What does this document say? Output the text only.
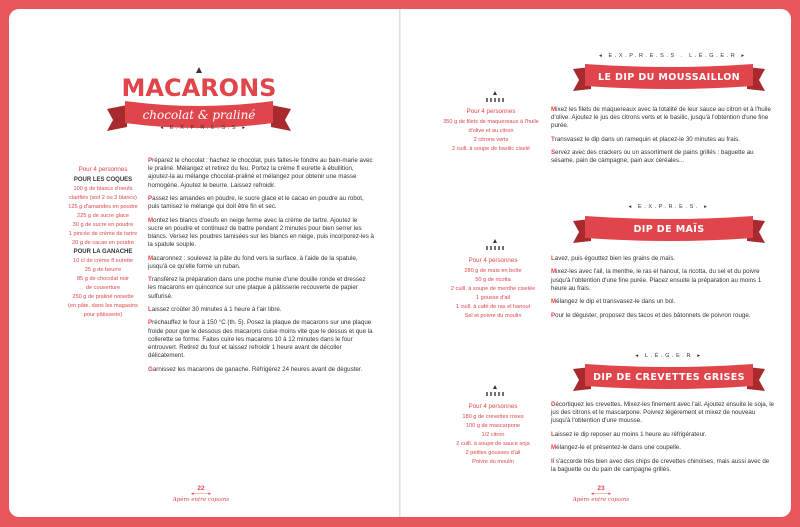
MACARONS
chocolat & praliné
◂ E.X.P.R.E.S.S ▸
Pour 4 personnes
POUR LES COQUES
100 g de blancs d'oeufs
clarifiés (soit 2 ou 3 blancs)
125 g d'amandes en poudre
225 g de sucre glace
30 g de sucre en poudre
1 pincée de crème de tartre
20 g de cacao en poudre
POUR LA GANACHE
10 cl de crème fl eurette
25 g de beurre
85 g de chocolat noir
de couverture
250 g de praliné noisette
(en pâte, dans les magasins
pour pâtisserie)

Préparez le chocolat : hachez le chocolat, puis faites-le fondre au bain-marie avec le praliné. Mélangez et retirez du feu. Portez la crème fl eurette à ébullition, ajoutez-la au mélange chocolat-praliné et mélangez pour obtenir une masse homogène. Ajoutez le beurre. Laissez refroidir.

Passez les amandes en poudre, le sucre glace et le cacao en poudre au robot, puis tamisez le mélange qui doit être fin et sec.

Montez les blancs d'oeufs en neige ferme avec la crème de tartre. Ajoutez le sucre en poudre et continuez de battre pendant 2 minutes pour bien serrer les blancs. Versez les poudres tamisées sur les blancs en neige, puis incorporez-les à la spatule souple.

Macaronnez : soulevez la pâte du fond vers la surface, à l'aide de la spatule, jusqu'à ce qu'elle forme un ruban.

Transférez la préparation dans une poche munie d'une douille ronde et dressez les macarons en quinconce sur une plaque à pâtisserie recouverte de papier sulfurisé.

Laissez croûter 30 minutes à 1 heure à l'air libre.

Préchauffez le four à 150 °C (th. 5). Posez la plaque de macarons sur une plaque froide pour que le dessous des macarons cuise moins vite que le dessus et que la collerette se forme. Faites cuire les macarons 10 à 12 minutes dans le four entrouvert. Retirez du four et laissez refroidir 1 heure avant de décoller délicatement.

Garnissez les macarons de ganache. Réfrigérez 24 heures avant de déguster.

22
◂———▸
Apéro entre copains
◂ E.X.P.R.E.S.S . L.É.G.E.R ▸
LE DIP DU MOUSSAILLON
Pour 4 personnes
350 g de filets de maquereaux à l'huile
d'olive et au citron
2 citrons verts
2 cuill. à soupe de basilic ciselé

Mixez les filets de maquereaux avec la totalité de leur sauce au citron et à l'huile d'olive. Ajoutez le jus des citrons verts et le basilic, jusqu'à l'obtention d'une fine purée.

Transvasez le dip dans un ramequin et placez-le 30 minutes au frais.

Servez avec des crackers ou un assortiment de pains grillés : baguette au sésame, pain de campagne, pain aux céréales...

◂ E.X.P.R.E.S. ▸
DIP DE MAÏS
Pour 4 personnes
280 g de maïs en boîte
50 g de ricotta
2 cuill. à soupe de menthe ciselée
1 gousse d'ail
1 cuill. à café de ras el hanout
Sel et poivre du moulin

Lavez, puis égouttez bien les grains de maïs.

Mixez-les avec l'ail, la menthe, le ras el hanout, la ricotta, du sel et du poivre jusqu'à l'obtention d'une fine purée. Placez ensuite la préparation au moins 1 heure au frais.

Mélangez le dip et transvasez-le dans un bol.

Pour le déguster, proposez des tacos et des bâtonnets de poivron rouge.

◂ L.É.G.E.R ▸
DIP DE CREVETTES GRISES
Pour 4 personnes
180 g de crevettes roses
100 g de mascarpone
1/2 citron
2 cuill. à soupe de sauce soja
2 petites gousses d'ail
Poivre du moulin

Décortiquez les crevettes. Mixez-les finement avec l'ail. Ajoutez ensuite le soja, le jus des citrons et le mascarpone. Poivrez légèrement et mixez de nouveau jusqu'à l'obtention d'une mousse.

Laissez le dip reposer au moins 1 heure au réfrigérateur.

Mélangez-le et présentez-le dans une coupelle.

Il s'accorde très bien avec des chips de crevettes chinoises, mais aussi avec de la baguette ou du pain de campagne grillés.

23
◂———▸
Apéro entre copains
